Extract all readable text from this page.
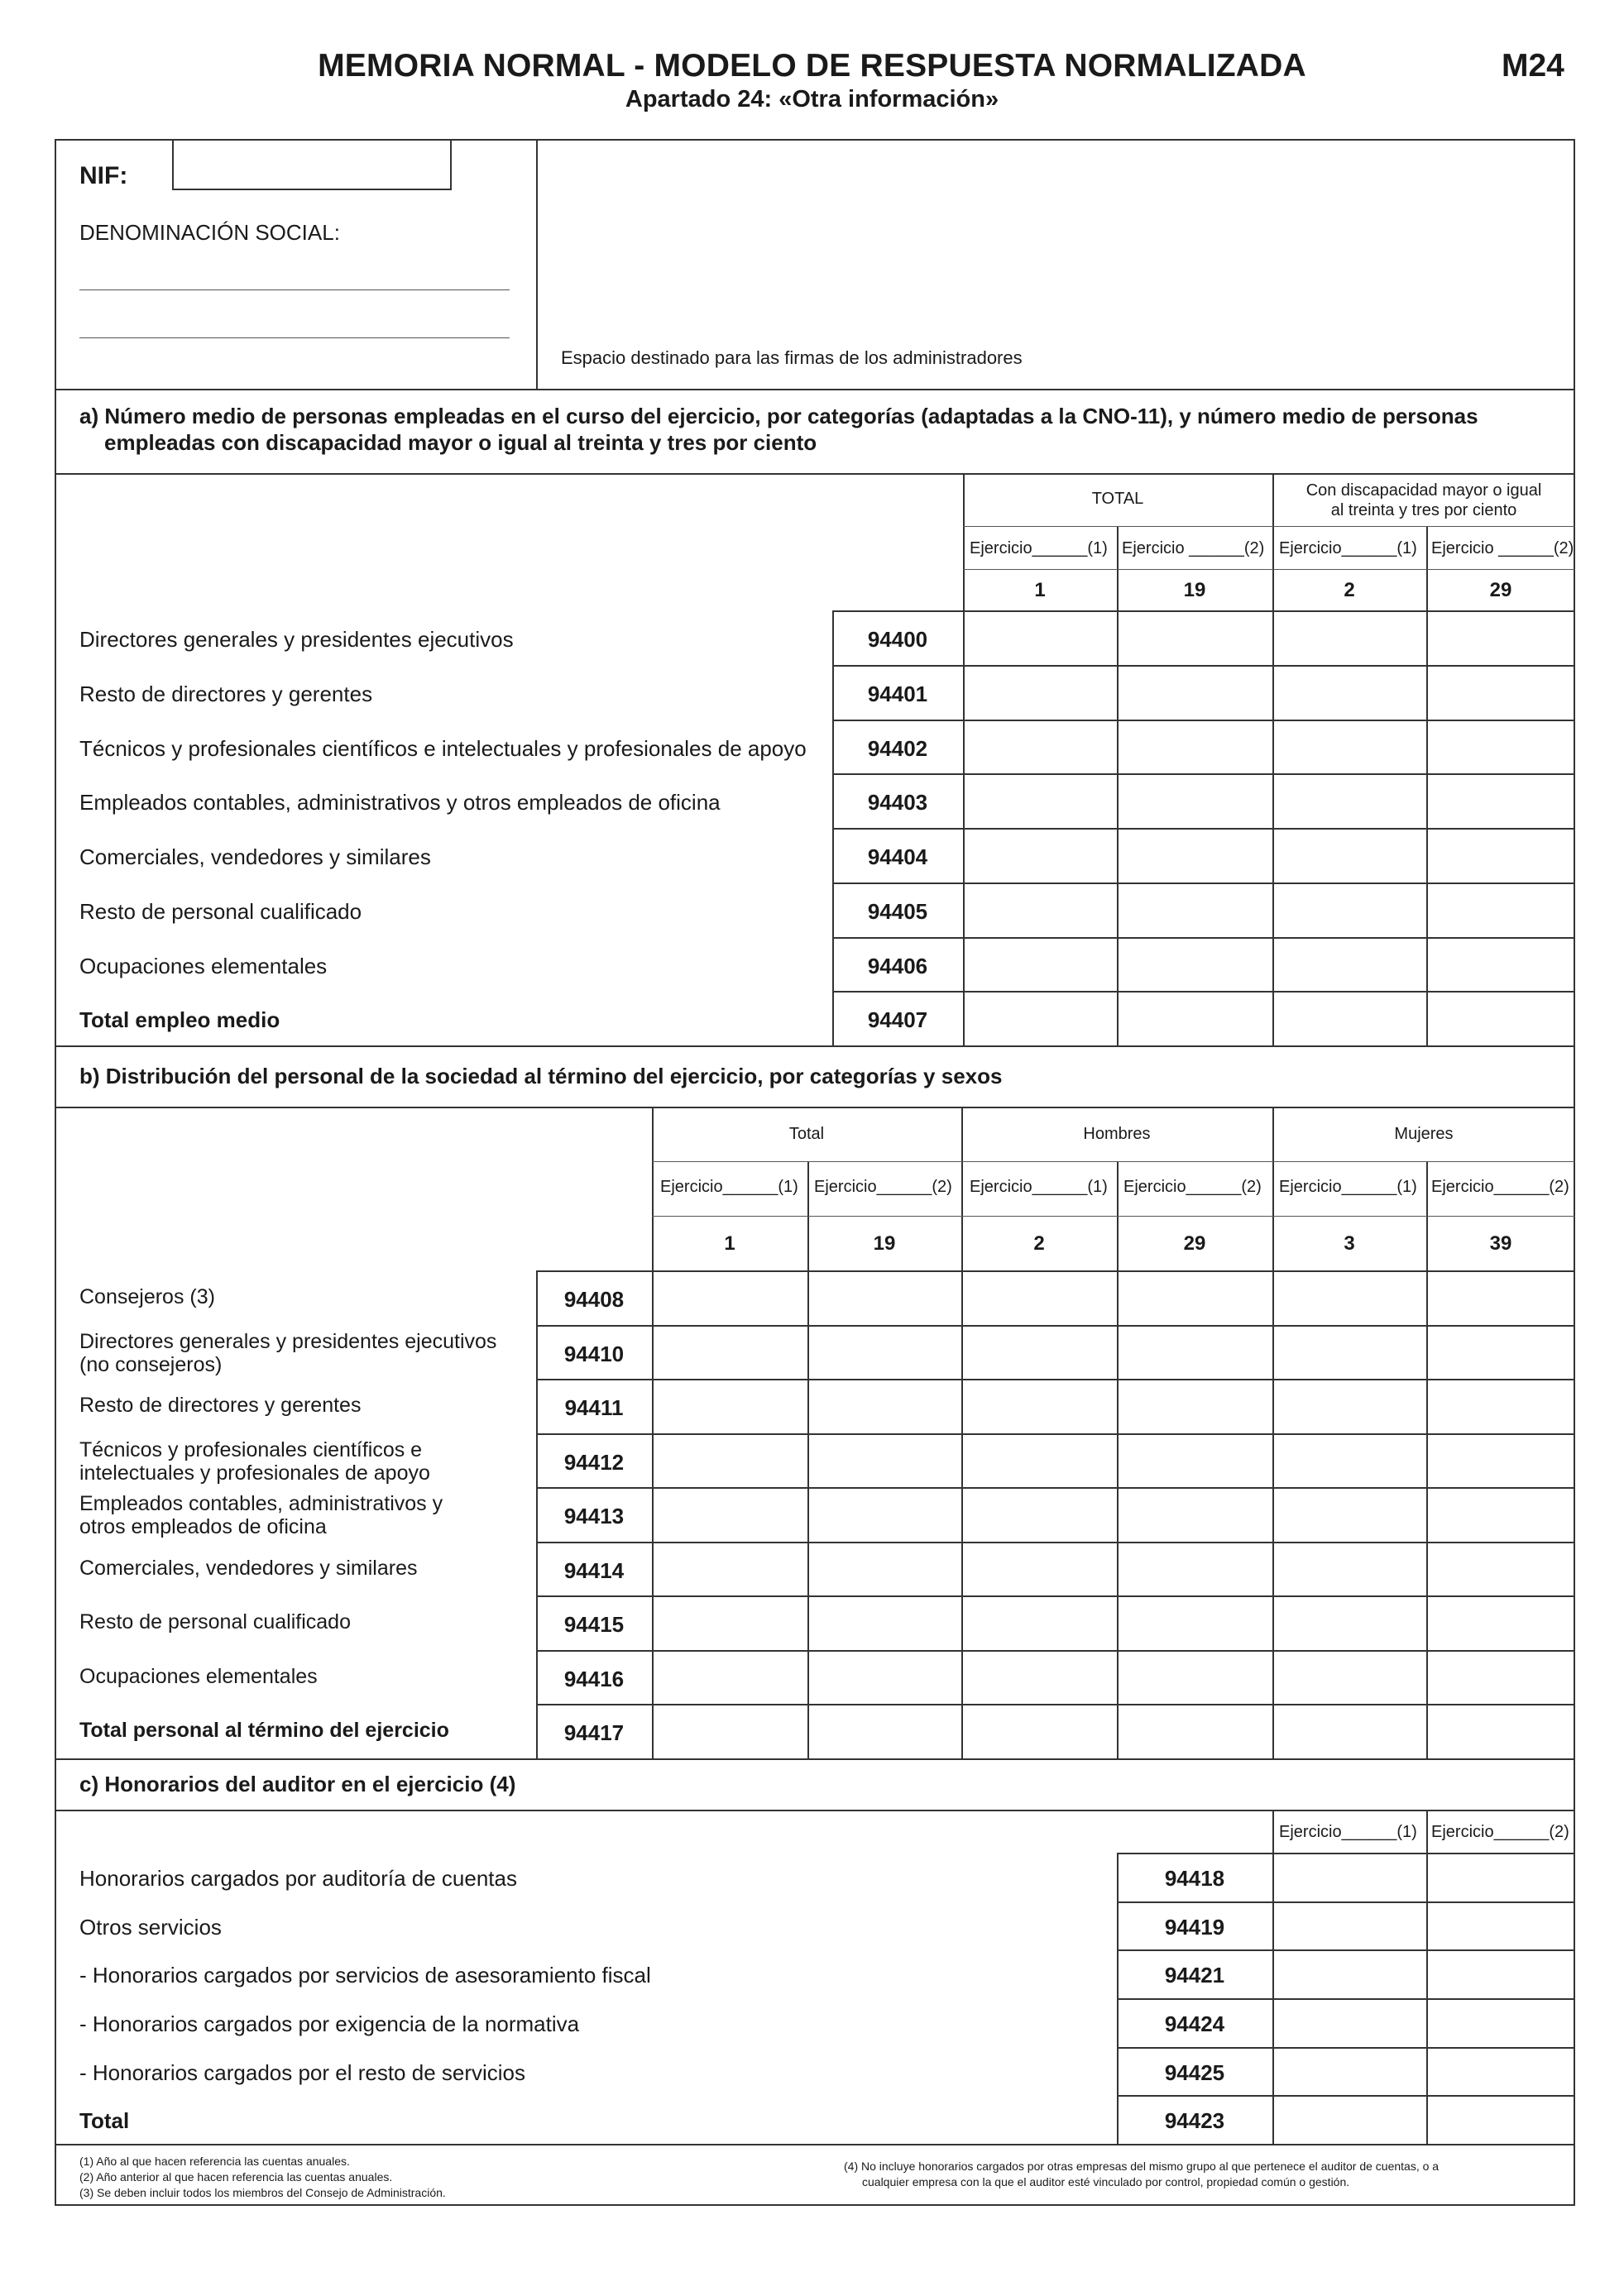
MEMORIA NORMAL - MODELO DE RESPUESTA NORMALIZADA
Apartado 24: «Otra información»
M24
NIF:
DENOMINACIÓN SOCIAL:
Espacio destinado para las firmas de los administradores
a) Número medio de personas empleadas en el curso del ejercicio, por categorías (adaptadas a la CNO-11), y número medio de personas
empleadas con discapacidad mayor o igual al treinta y tres por ciento
TOTAL	Con discapacidad mayor o igual
al treinta y tres por ciento
Ejercicio______(1) Ejercicio ______(2) Ejercicio______(1) Ejercicio ______(2)
1	19	2	29
Directores generales y presidentes ejecutivos	94400
Resto de directores y gerentes	94401
Técnicos y profesionales científicos e intelectuales y profesionales de apoyo	94402
Empleados contables, administrativos y otros empleados de oficina	94403
Comerciales, vendedores y similares	94404
Resto de personal cualificado	94405
Ocupaciones elementales	94406
Total empleo medio	94407
b) Distribución del personal de la sociedad al término del ejercicio, por categorías y sexos
Total	Hombres	Mujeres
Ejercicio______(1) Ejercicio______(2) Ejercicio______(1) Ejercicio______(2) Ejercicio______(1) Ejercicio______(2)
1	19	2	29	3	39
Consejeros (3)	94408
Directores generales y presidentes ejecutivos
(no consejeros)	94410
Resto de directores y gerentes	94411
Técnicos y profesionales científicos e
intelectuales y profesionales de apoyo	94412
Empleados contables, administrativos y
otros empleados de oficina	94413
Comerciales, vendedores y similares	94414
Resto de personal cualificado	94415
Ocupaciones elementales	94416
Total personal al término del ejercicio	94417
c) Honorarios del auditor en el ejercicio (4)
Ejercicio______(1) Ejercicio______(2)
Honorarios cargados por auditoría de cuentas	94418
Otros servicios	94419
- Honorarios cargados por servicios de asesoramiento fiscal	94421
- Honorarios cargados por exigencia de la normativa	94424
- Honorarios cargados por el resto de servicios	94425
Total	94423
(1) Año al que hacen referencia las cuentas anuales.
(2) Año anterior al que hacen referencia las cuentas anuales.
(3) Se deben incluir todos los miembros del Consejo de Administración.
(4) No incluye honorarios cargados por otras empresas del mismo grupo al que pertenece el auditor de cuentas, o a
cualquier empresa con la que el auditor esté vinculado por control, propiedad común o gestión.
